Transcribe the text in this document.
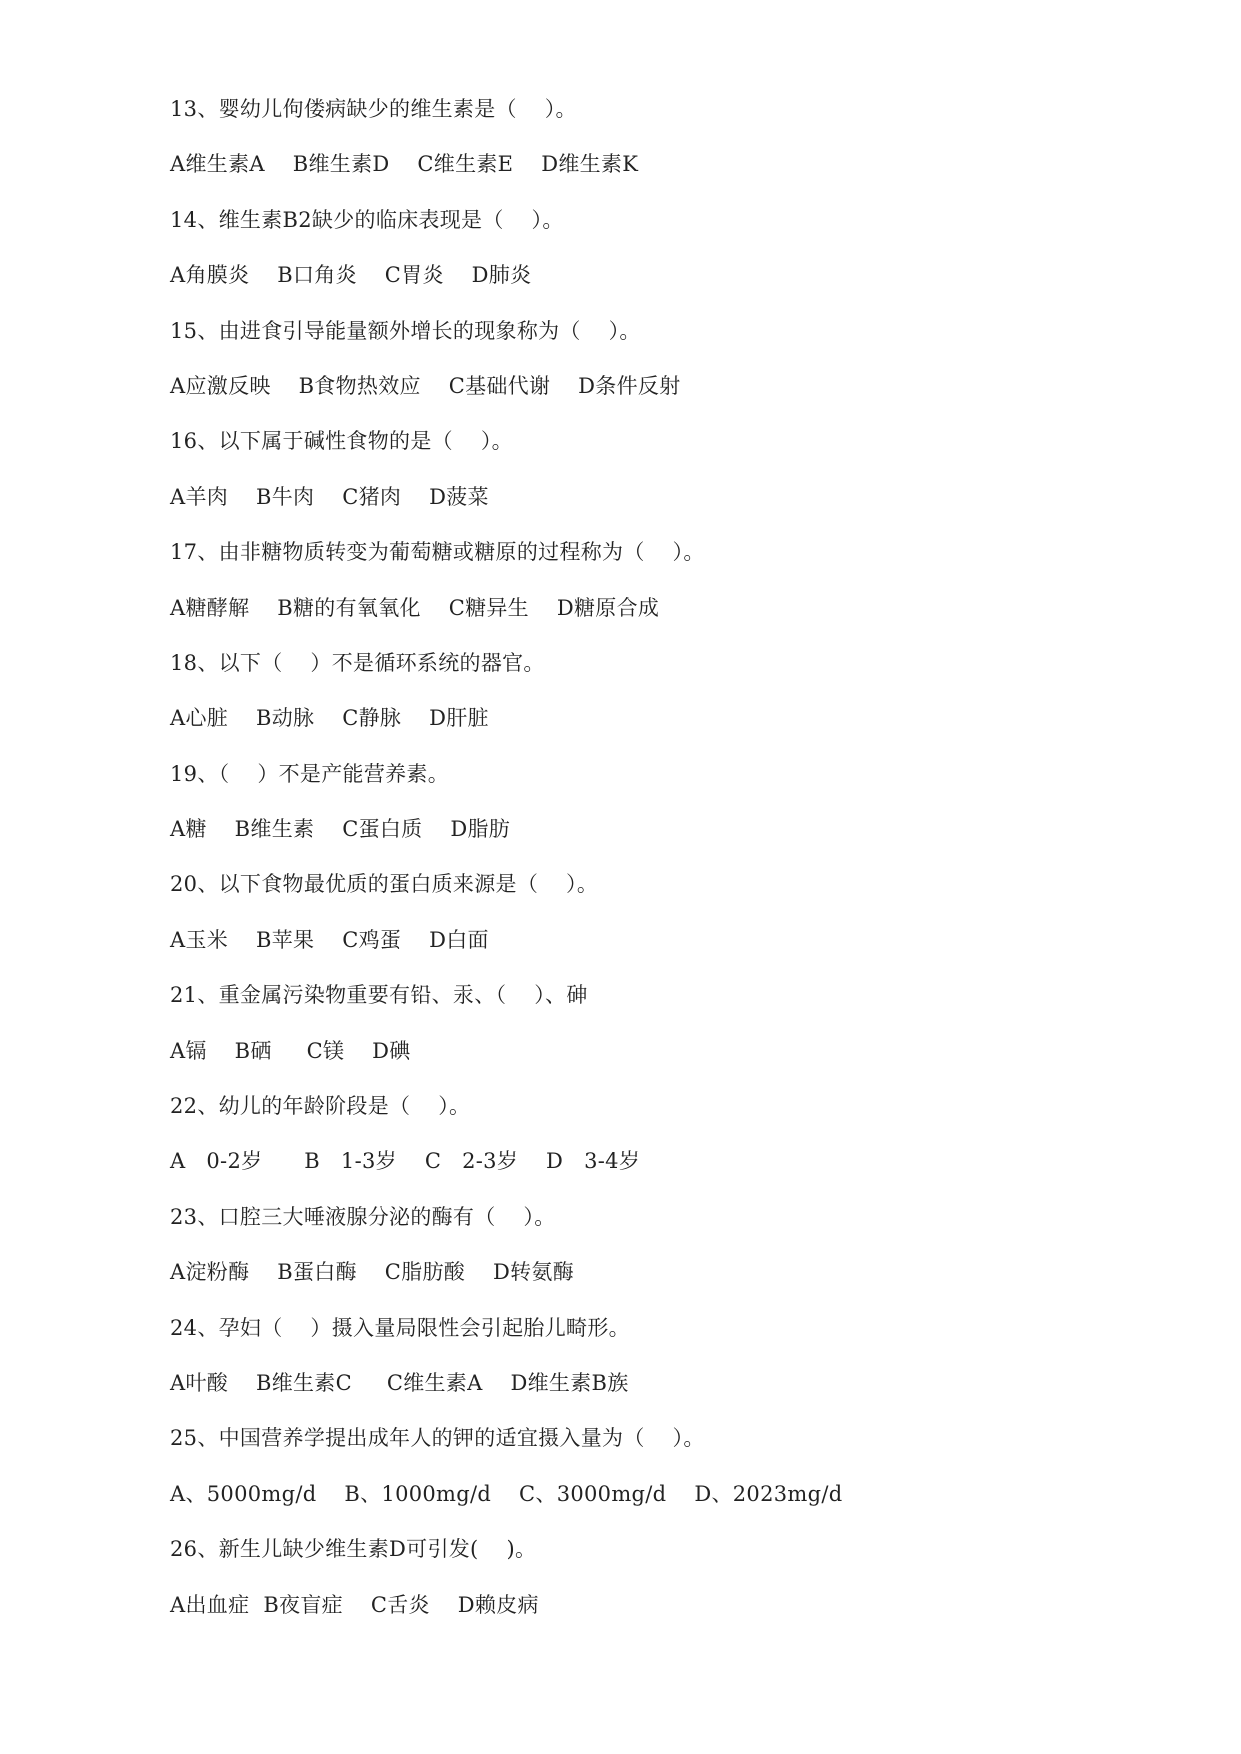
13、婴幼儿佝偻病缺少的维生素是（    ）。
A维生素A    B维生素D    C维生素E    D维生素K
14、维生素B2缺少的临床表现是（    ）。
A角膜炎    B口角炎    C胃炎    D肺炎
15、由进食引导能量额外增长的现象称为（    ）。
A应激反映    B食物热效应    C基础代谢    D条件反射
16、以下属于碱性食物的是（    ）。
A羊肉    B牛肉    C猪肉    D菠菜
17、由非糖物质转变为葡萄糖或糖原的过程称为（    ）。
A糖酵解    B糖的有氧氧化    C糖异生    D糖原合成
18、以下（    ）不是循环系统的器官。
A心脏    B动脉    C静脉    D肝脏
19、（    ）不是产能营养素。
A糖    B维生素    C蛋白质    D脂肪
20、以下食物最优质的蛋白质来源是（    ）。
A玉米    B苹果    C鸡蛋    D白面
21、重金属污染物重要有铅、汞、（    ）、砷
A镉    B硒     C镁    D碘
22、幼儿的年龄阶段是（    ）。
A   0-2岁      B   1-3岁    C   2-3岁    D   3-4岁
23、口腔三大唾液腺分泌的酶有（    ）。
A淀粉酶    B蛋白酶    C脂肪酸    D转氨酶
24、孕妇（    ）摄入量局限性会引起胎儿畸形。
A叶酸    B维生素C     C维生素A    D维生素B族
25、中国营养学提出成年人的钾的适宜摄入量为（    ）。
A、5000mg/d    B、1000mg/d    C、3000mg/d    D、2023mg/d
26、新生儿缺少维生素D可引发(    )。
A出血症  B夜盲症    C舌炎    D赖皮病
